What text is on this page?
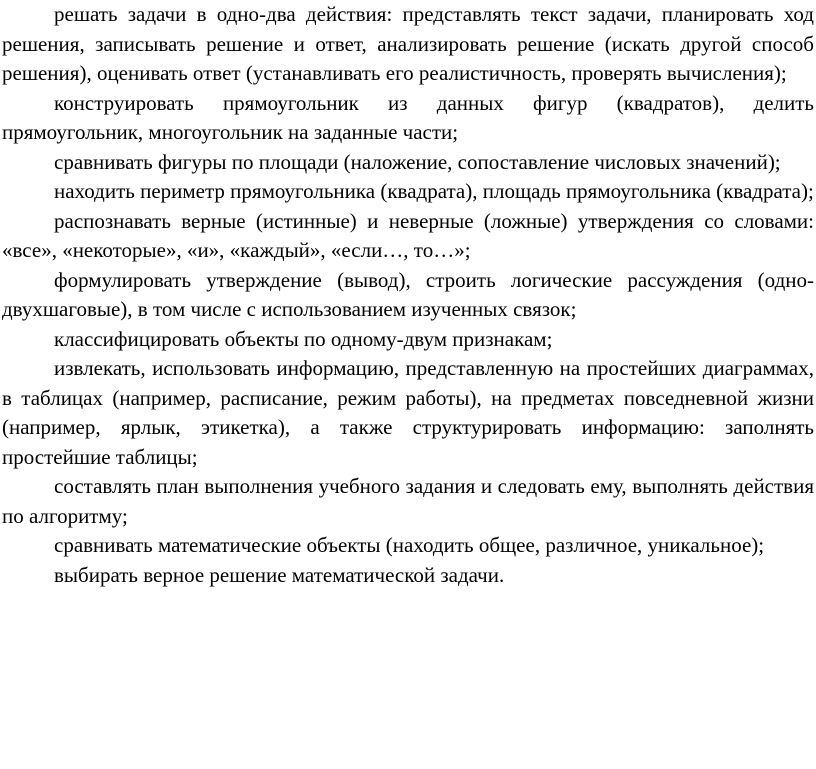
решать задачи в одно-два действия: представлять текст задачи, планировать ход решения, записывать решение и ответ, анализировать решение (искать другой способ решения), оценивать ответ (устанавливать его реалистичность, проверять вычисления);

конструировать прямоугольник из данных фигур (квадратов), делить прямоугольник, многоугольник на заданные части;

сравнивать фигуры по площади (наложение, сопоставление числовых значений);

находить периметр прямоугольника (квадрата), площадь прямоугольника (квадрата);

распознавать верные (истинные) и неверные (ложные) утверждения со словами: «все», «некоторые», «и», «каждый», «если…, то…»;

формулировать утверждение (вывод), строить логические рассуждения (одно-двухшаговые), в том числе с использованием изученных связок;

классифицировать объекты по одному-двум признакам;

извлекать, использовать информацию, представленную на простейших диаграммах, в таблицах (например, расписание, режим работы), на предметах повседневной жизни (например, ярлык, этикетка), а также структурировать информацию: заполнять простейшие таблицы;

составлять план выполнения учебного задания и следовать ему, выполнять действия по алгоритму;

сравнивать математические объекты (находить общее, различное, уникальное);

выбирать верное решение математической задачи.
